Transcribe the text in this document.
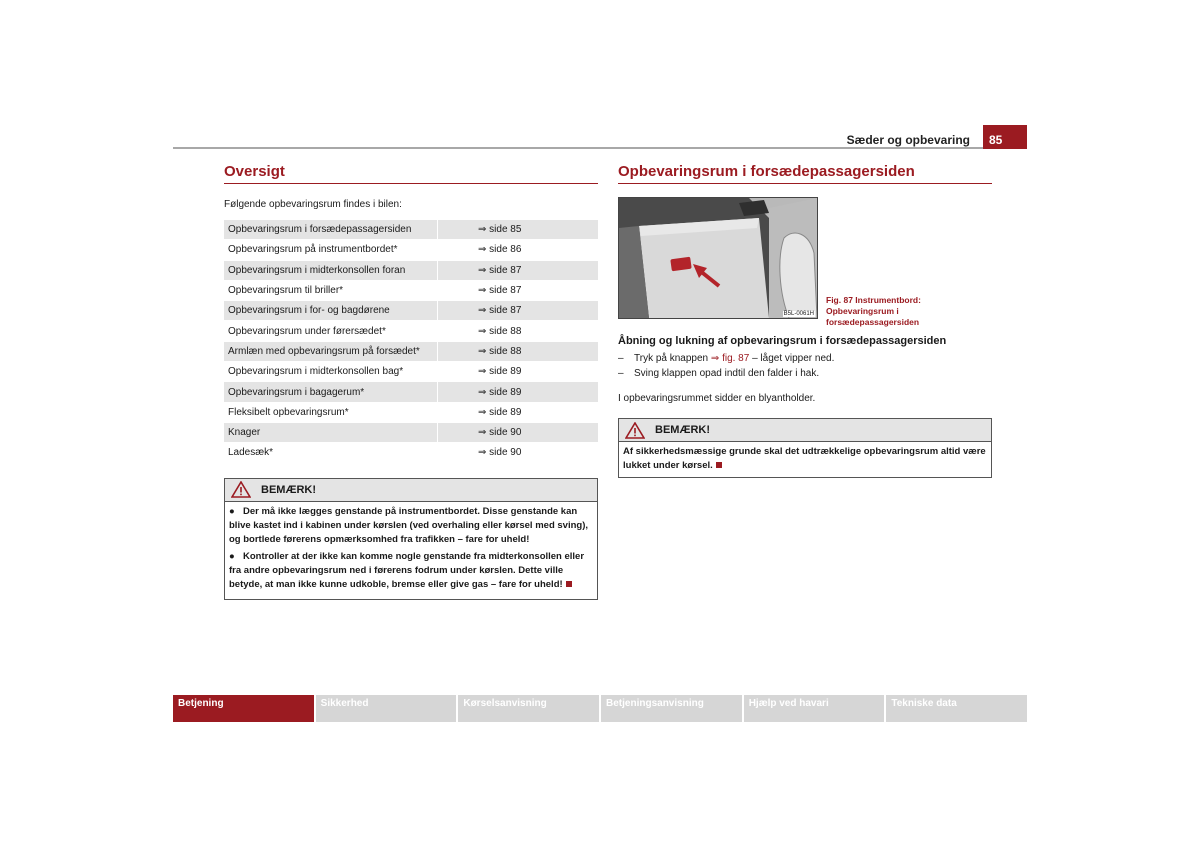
Sæder og opbevaring	85
Oversigt
Følgende opbevaringsrum findes i bilen:
Opbevaringsrum i forsædepassagersiden	⇒ side 85
Opbevaringsrum på instrumentbordet*	⇒ side 86
Opbevaringsrum i midterkonsollen foran	⇒ side 87
Opbevaringsrum til briller*	⇒ side 87
Opbevaringsrum i for- og bagdørene	⇒ side 87
Opbevaringsrum under førersædet*	⇒ side 88
Armlæn med opbevaringsrum på forsædet*	⇒ side 88
Opbevaringsrum i midterkonsollen bag*	⇒ side 89
Opbevaringsrum i bagagerum*	⇒ side 89
Fleksibelt opbevaringsrum*	⇒ side 89
Knager	⇒ side 90
Ladesæk*	⇒ side 90
BEMÆRK!

● Der må ikke lægges genstande på instrumentbordet. Disse genstande kan blive kastet ind i kabinen under kørslen (ved overhaling eller kørsel med sving), og bortlede førerens opmærksomhed fra trafikken – fare for uheld!

● Kontroller at der ikke kan komme nogle genstande fra midterkonsollen eller fra andre opbevaringsrum ned i førerens fodrum under kørslen. Dette ville betyde, at man ikke kunne udkoble, bremse eller give gas – fare for uheld!

Opbevaringsrum i forsædepassagersiden
B5L-0061H
Fig. 87 Instrumentbord: Opbevaringsrum i forsædepassagersiden
Åbning og lukning af opbevaringsrum i forsædepassagersiden
– Tryk på knappen ⇒ fig. 87 – låget vipper ned.
– Sving klappen opad indtil den falder i hak.

I opbevaringsrummet sidder en blyantholder.

BEMÆRK!
Af sikkerhedsmæssige grunde skal det udtrækkelige opbevaringsrum altid være lukket under kørsel.
Betjening	Sikkerhed	Kørselsanvisning	Betjeningsanvisning	Hjælp ved havari	Tekniske data
